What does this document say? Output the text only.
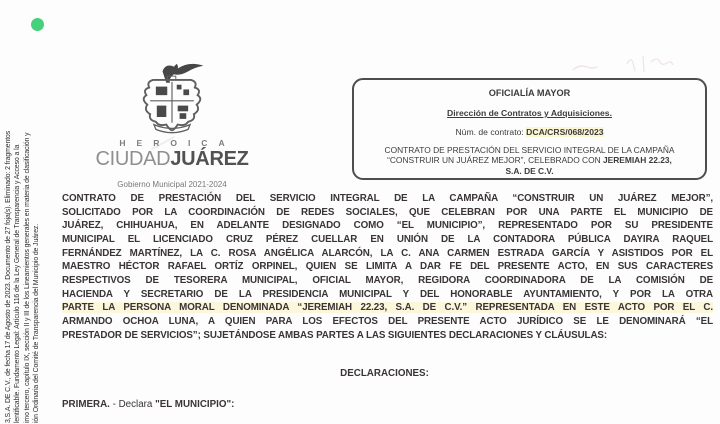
3,S.A. DE C.V., de fecha 17 de Agosto de 2023. Documento de 27 foja(s). Eliminado: 2 fragmentos lentificable. Fundamento Legal: Artículo 116 de la Ley General de Transparencia y Acceso a la imo tercero, capítulo IX, sección II y III de los Lineamientos generales en materia de clasificación y ión Ordinaria del Comité de Transparencia del Municipio de Juárez.
HEROICA
CIUDADJUÁREZ
Gobierno Municipal 2021-2024
OFICIALÍA MAYOR
Dirección de Contratos y Adquisiciones.
Núm. de contrato: DCA/CRS/068/2023
CONTRATO DE PRESTACIÓN DEL SERVICIO INTEGRAL DE LA CAMPAÑA
“CONSTRUIR UN JUÁREZ MEJOR”, CELEBRADO CON JEREMIAH 22.23,
S.A. DE C.V.
CONTRATO DE PRESTACIÓN DEL SERVICIO INTEGRAL DE LA CAMPAÑA “CONSTRUIR UN JUÁREZ MEJOR”,
SOLICITADO POR LA COORDINACIÓN DE REDES SOCIALES, QUE CELEBRAN POR UNA PARTE EL MUNICIPIO DE
JUÁREZ, CHIHUAHUA, EN ADELANTE DESIGNADO COMO “EL MUNICIPIO”, REPRESENTADO POR SU PRESIDENTE
MUNICIPAL EL LICENCIADO CRUZ PÉREZ CUELLAR EN UNIÓN DE LA CONTADORA PÚBLICA DAYIRA RAQUEL
FERNÁNDEZ MARTÍNEZ, LA C. ROSA ANGÉLICA ALARCÓN, LA C. ANA CARMEN ESTRADA GARCÍA Y ASISTIDOS POR EL
MAESTRO HÉCTOR RAFAEL ORTÍZ ORPINEL, QUIEN SE LIMITA A DAR FE DEL PRESENTE ACTO, EN SUS CARACTERES
RESPECTIVOS DE TESORERA MUNICIPAL, OFICIAL MAYOR, REGIDORA COORDINADORA DE LA COMISIÓN DE
HACIENDA Y SECRETARIO DE LA PRESIDENCIA MUNICIPAL Y DEL HONORABLE AYUNTAMIENTO, Y POR LA OTRA
PARTE LA PERSONA MORAL DENOMINADA “JEREMIAH 22.23, S.A. DE C.V.” REPRESENTADA EN ESTE ACTO POR EL C.
ARMANDO OCHOA LUNA, A QUIEN PARA LOS EFECTOS DEL PRESENTE ACTO JURÍDICO SE LE DENOMINARÁ “EL
PRESTADOR DE SERVICIOS”; SUJETÁNDOSE AMBAS PARTES A LAS SIGUIENTES DECLARACIONES Y CLÁUSULAS:
DECLARACIONES:
PRIMERA. - Declara "EL MUNICIPIO":
